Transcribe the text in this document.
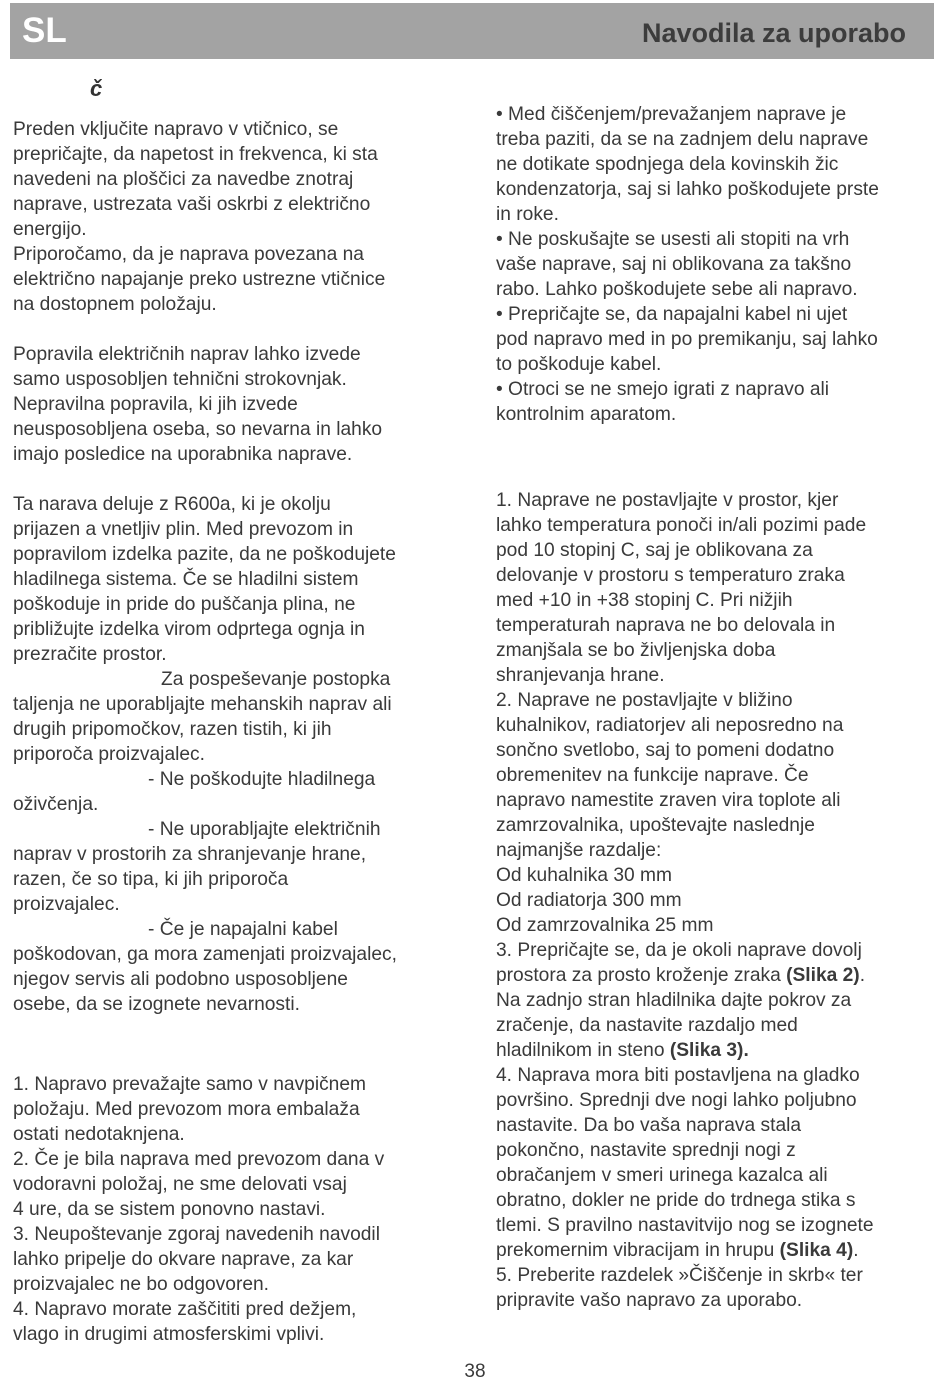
SL	Navodila za uporabo
č
Preden vključite napravo v vtičnico, se
prepričajte, da napetost in frekvenca, ki sta
navedeni na ploščici za navedbe znotraj
naprave, ustrezata vaši oskrbi z električno
energijo.
Priporočamo, da je naprava povezana na
električno napajanje preko ustrezne vtičnice
na dostopnem položaju.
Popravila električnih naprav lahko izvede
samo usposobljen tehnični strokovnjak.
Nepravilna popravila, ki jih izvede
neusposobljena oseba, so nevarna in lahko
imajo posledice na uporabnika naprave.
Ta narava deluje z R600a, ki je okolju
prijazen a vnetljiv plin. Med prevozom in
popravilom izdelka pazite, da ne poškodujete
hladilnega sistema. Če se hladilni sistem
poškoduje in pride do puščanja plina, ne
približujte izdelka virom odprtega ognja in
prezračite prostor.
Za pospeševanje postopka
taljenja ne uporabljajte mehanskih naprav ali
drugih pripomočkov, razen tistih, ki jih
priporoča proizvajalec.
- Ne poškodujte hladilnega
oživčenja.
- Ne uporabljajte električnih
naprav v prostorih za shranjevanje hrane,
razen, če so tipa, ki jih priporoča
proizvajalec.
- Če je napajalni kabel
poškodovan, ga mora zamenjati proizvajalec,
njegov servis ali podobno usposobljene
osebe, da se izognete nevarnosti.
1. Napravo prevažajte samo v navpičnem
položaju. Med prevozom mora embalaža
ostati nedotaknjena.
2. Če je bila naprava med prevozom dana v
vodoravni položaj, ne sme delovati vsaj
4 ure, da se sistem ponovno nastavi.
3. Neupoštevanje zgoraj navedenih navodil
lahko pripelje do okvare naprave, za kar
proizvajalec ne bo odgovoren.
4. Napravo morate zaščititi pred dežjem,
vlago in drugimi atmosferskimi vplivi.
• Med čiščenjem/prevažanjem naprave je
treba paziti, da se na zadnjem delu naprave
ne dotikate spodnjega dela kovinskih žic
kondenzatorja, saj si lahko poškodujete prste
in roke.
• Ne poskušajte se usesti ali stopiti na vrh
vaše naprave, saj ni oblikovana za takšno
rabo. Lahko poškodujete sebe ali napravo.
• Prepričajte se, da napajalni kabel ni ujet
pod napravo med in po premikanju, saj lahko
to poškoduje kabel.
• Otroci se ne smejo igrati z napravo ali
kontrolnim aparatom.
1. Naprave ne postavljajte v prostor, kjer
lahko temperatura ponoči in/ali pozimi pade
pod 10 stopinj C, saj je oblikovana za
delovanje v prostoru s temperaturo zraka
med +10 in +38 stopinj C. Pri nižjih
temperaturah naprava ne bo delovala in
zmanjšala se bo življenjska doba
shranjevanja hrane.
2. Naprave ne postavljajte v bližino
kuhalnikov, radiatorjev ali neposredno na
sončno svetlobo, saj to pomeni dodatno
obremenitev na funkcije naprave. Če
napravo namestite zraven vira toplote ali
zamrzovalnika, upoštevajte naslednje
najmanjše razdalje:
Od kuhalnika 30 mm
Od radiatorja 300 mm
Od zamrzovalnika 25 mm
3. Prepričajte se, da je okoli naprave dovolj
prostora za prosto kroženje zraka (Slika 2).
Na zadnjo stran hladilnika dajte pokrov za
zračenje, da nastavite razdaljo med
hladilnikom in steno (Slika 3).
4. Naprava mora biti postavljena na gladko
površino. Sprednji dve nogi lahko poljubno
nastavite. Da bo vaša naprava stala
pokončno, nastavite sprednji nogi z
obračanjem v smeri urinega kazalca ali
obratno, dokler ne pride do trdnega stika s
tlemi. S pravilno nastavitvijo nog se izognete
prekomernim vibracijam in hrupu (Slika 4).
5. Preberite razdelek »Čiščenje in skrb« ter
pripravite vašo napravo za uporabo.
38
